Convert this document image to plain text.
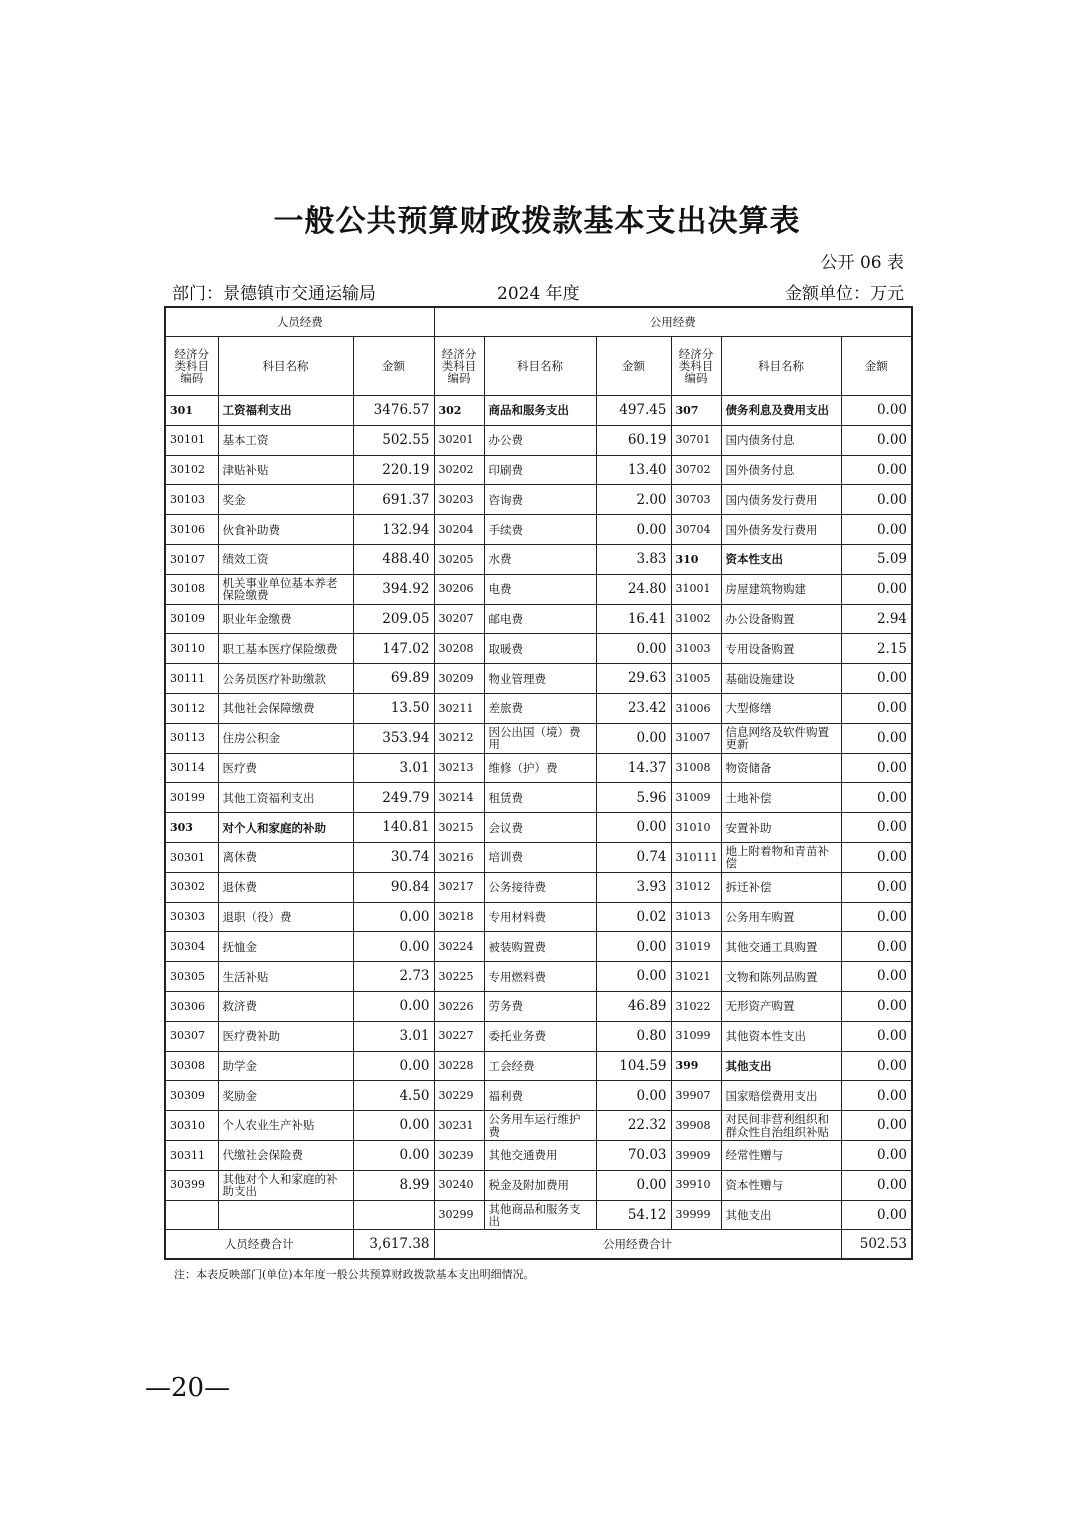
一般公共预算财政拨款基本支出决算表
公开 06 表
部门：景德镇市交通运输局	2024 年度	金额单位：万元
人员经费			公用经费					
经济分类科目编码	科目名称	金额	经济分类科目编码	科目名称	金额	经济分类科目编码	科目名称	金额
301	工资福利支出	3476.57	302	商品和服务支出	497.45	307	债务利息及费用支出	0.00
30101	基本工资	502.55	30201	办公费	60.19	30701	国内债务付息	0.00
30102	津贴补贴	220.19	30202	印刷费	13.40	30702	国外债务付息	0.00
30103	奖金	691.37	30203	咨询费	2.00	30703	国内债务发行费用	0.00
30106	伙食补助费	132.94	30204	手续费	0.00	30704	国外债务发行费用	0.00
30107	绩效工资	488.40	30205	水费	3.83	310	资本性支出	5.09
30108	机关事业单位基本养老保险缴费	394.92	30206	电费	24.80	31001	房屋建筑物购建	0.00
30109	职业年金缴费	209.05	30207	邮电费	16.41	31002	办公设备购置	2.94
30110	职工基本医疗保险缴费	147.02	30208	取暖费	0.00	31003	专用设备购置	2.15
30111	公务员医疗补助缴款	69.89	30209	物业管理费	29.63	31005	基础设施建设	0.00
30112	其他社会保障缴费	13.50	30211	差旅费	23.42	31006	大型修缮	0.00
30113	住房公积金	353.94	30212	因公出国（境）费用	0.00	31007	信息网络及软件购置更新	0.00
30114	医疗费	3.01	30213	维修（护）费	14.37	31008	物资储备	0.00
30199	其他工资福利支出	249.79	30214	租赁费	5.96	31009	土地补偿	0.00
303	对个人和家庭的补助	140.81	30215	会议费	0.00	31010	安置补助	0.00
30301	离休费	30.74	30216	培训费	0.74	310111	地上附着物和青苗补偿	0.00
30302	退休费	90.84	30217	公务接待费	3.93	31012	拆迁补偿	0.00
30303	退职（役）费	0.00	30218	专用材料费	0.02	31013	公务用车购置	0.00
30304	抚恤金	0.00	30224	被装购置费	0.00	31019	其他交通工具购置	0.00
30305	生活补贴	2.73	30225	专用燃料费	0.00	31021	文物和陈列品购置	0.00
30306	救济费	0.00	30226	劳务费	46.89	31022	无形资产购置	0.00
30307	医疗费补助	3.01	30227	委托业务费	0.80	31099	其他资本性支出	0.00
30308	助学金	0.00	30228	工会经费	104.59	399	其他支出	0.00
30309	奖励金	4.50	30229	福利费	0.00	39907	国家赔偿费用支出	0.00
30310	个人农业生产补贴	0.00	30231	公务用车运行维护费	22.32	39908	对民间非营利组织和群众性自治组织补贴	0.00
30311	代缴社会保险费	0.00	30239	其他交通费用	70.03	39909	经常性赠与	0.00
30399	其他对个人和家庭的补助支出	8.99	30240	税金及附加费用	0.00	39910	资本性赠与	0.00
			30299	其他商品和服务支出	54.12	39999	其他支出	0.00
人员经费合计		3,617.38	公用经费合计					502.53
注：本表反映部门(单位)本年度一般公共预算财政拨款基本支出明细情况。
—20—
